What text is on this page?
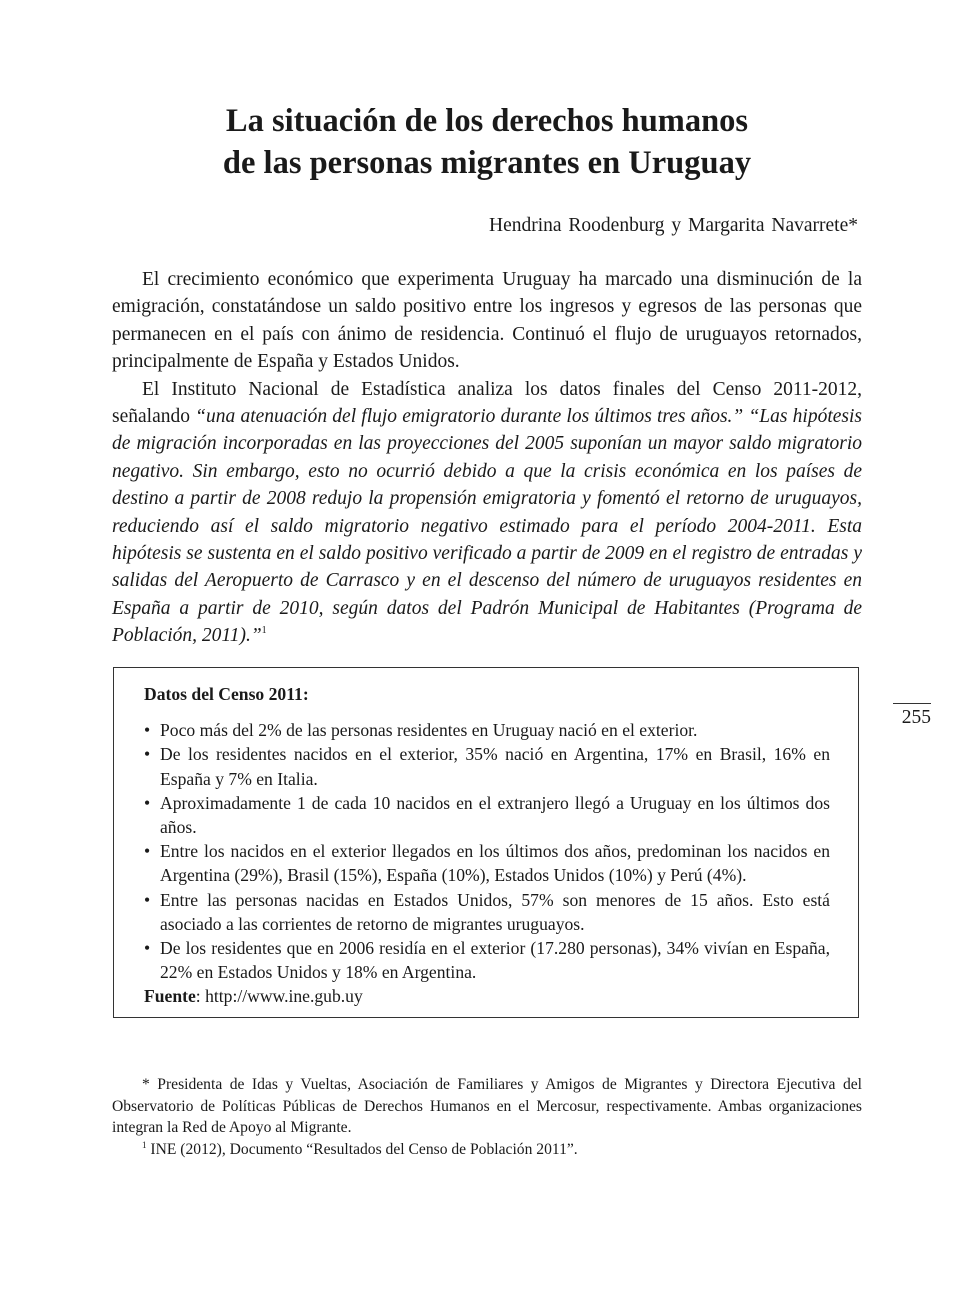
La situación de los derechos humanos
de las personas migrantes en Uruguay
Hendrina Roodenburg y Margarita Navarrete*

El crecimiento económico que experimenta Uruguay ha marcado una disminución de la emigración, constatándose un saldo positivo entre los ingresos y egresos de las personas que permanecen en el país con ánimo de residencia. Continuó el flujo de uruguayos retornados, principalmente de España y Estados Unidos.

El Instituto Nacional de Estadística analiza los datos finales del Censo 2011-2012, señalando “una atenuación del flujo emigratorio durante los últimos tres años.” “Las hipótesis de migración incorporadas en las proyecciones del 2005 suponían un mayor saldo migratorio negativo. Sin embargo, esto no ocurrió debido a que la crisis económica en los países de destino a partir de 2008 redujo la propensión emigratoria y fomentó el retorno de uruguayos, reduciendo así el saldo migratorio negativo estimado para el período 2004-2011. Esta hipótesis se sustenta en el saldo positivo verificado a partir de 2009 en el registro de entradas y salidas del Aeropuerto de Carrasco y en el descenso del número de uruguayos residentes en España a partir de 2010, según datos del Padrón Municipal de Habitantes (Programa de Población, 2011).”$^1$

Datos del Censo 2011:

• Poco más del 2% de las personas residentes en Uruguay nació en el exterior.
• De los residentes nacidos en el exterior, 35% nació en Argentina, 17% en Brasil, 16% en España y 7% en Italia.
• Aproximadamente 1 de cada 10 nacidos en el extranjero llegó a Uruguay en los últimos dos años.
• Entre los nacidos en el exterior llegados en los últimos dos años, predominan los nacidos en Argentina (29%), Brasil (15%), España (10%), Estados Unidos (10%) y Perú (4%).
• Entre las personas nacidas en Estados Unidos, 57% son menores de 15 años. Esto está asociado a las corrientes de retorno de migrantes uruguayos.
• De los residentes que en 2006 residía en el exterior (17.280 personas), 34% vivían en España, 22% en Estados Unidos y 18% en Argentina.

Fuente: http://www.ine.gub.uy

255

* Presidenta de Idas y Vueltas, Asociación de Familiares y Amigos de Migrantes y Directora Ejecutiva del Observatorio de Políticas Públicas de Derechos Humanos en el Mercosur, respectivamente. Ambas organizaciones integran la Red de Apoyo al Migrante.

$^1$ INE (2012), Documento “Resultados del Censo de Población 2011”.
